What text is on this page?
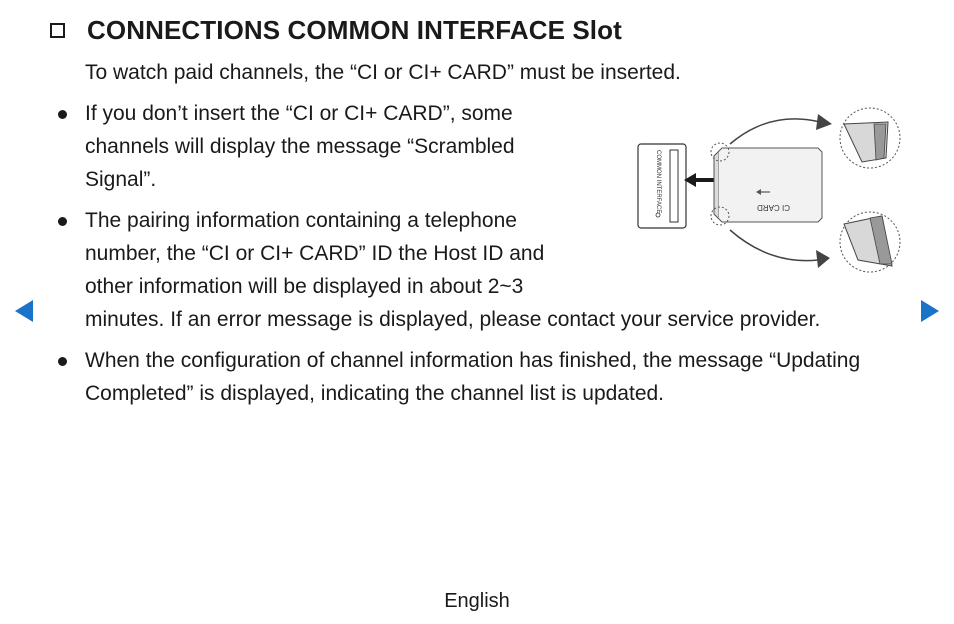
CONNECTIONS COMMON INTERFACE Slot
To watch paid channels, the “CI or CI+ CARD” must be inserted.
If you don’t insert the “CI or CI+ CARD”, some
channels will display the message “Scrambled
Signal”.
The pairing information containing a telephone
number, the “CI or CI+ CARD” ID the Host ID and
other information will be displayed in about 2~3
minutes. If an error message is displayed, please contact your service provider.
When the configuration of channel information has finished, the message “Updating
Completed” is displayed, indicating the channel list is updated.
COMMON INTERFACE	CI CARD
English
